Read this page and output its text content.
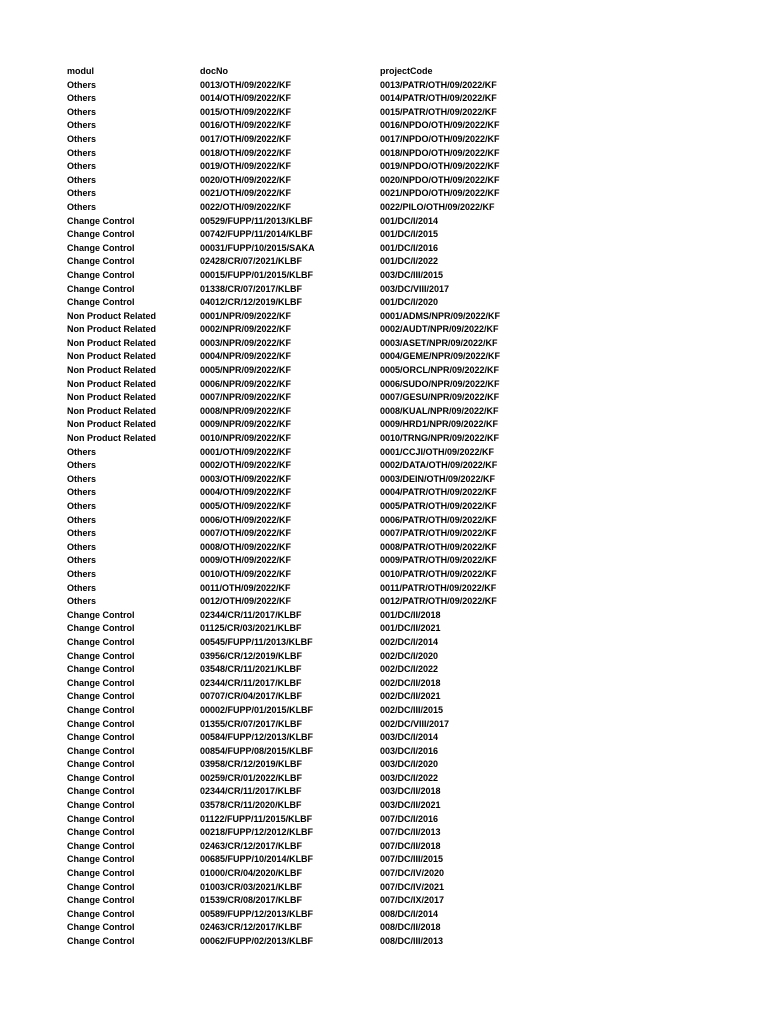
modul	docNo	projectCode
Others	0013/OTH/09/2022/KF	0013/PATR/OTH/09/2022/KF
Others	0014/OTH/09/2022/KF	0014/PATR/OTH/09/2022/KF
Others	0015/OTH/09/2022/KF	0015/PATR/OTH/09/2022/KF
Others	0016/OTH/09/2022/KF	0016/NPDO/OTH/09/2022/KF
Others	0017/OTH/09/2022/KF	0017/NPDO/OTH/09/2022/KF
Others	0018/OTH/09/2022/KF	0018/NPDO/OTH/09/2022/KF
Others	0019/OTH/09/2022/KF	0019/NPDO/OTH/09/2022/KF
Others	0020/OTH/09/2022/KF	0020/NPDO/OTH/09/2022/KF
Others	0021/OTH/09/2022/KF	0021/NPDO/OTH/09/2022/KF
Others	0022/OTH/09/2022/KF	0022/PILO/OTH/09/2022/KF
Change Control	00529/FUPP/11/2013/KLBF	001/DC/I/2014
Change Control	00742/FUPP/11/2014/KLBF	001/DC/I/2015
Change Control	00031/FUPP/10/2015/SAKA	001/DC/I/2016
Change Control	02428/CR/07/2021/KLBF	001/DC/I/2022
Change Control	00015/FUPP/01/2015/KLBF	003/DC/III/2015
Change Control	01338/CR/07/2017/KLBF	003/DC/VIII/2017
Change Control	04012/CR/12/2019/KLBF	001/DC/I/2020
Non Product Related	0001/NPR/09/2022/KF	0001/ADMS/NPR/09/2022/KF
Non Product Related	0002/NPR/09/2022/KF	0002/AUDT/NPR/09/2022/KF
Non Product Related	0003/NPR/09/2022/KF	0003/ASET/NPR/09/2022/KF
Non Product Related	0004/NPR/09/2022/KF	0004/GEME/NPR/09/2022/KF
Non Product Related	0005/NPR/09/2022/KF	0005/ORCL/NPR/09/2022/KF
Non Product Related	0006/NPR/09/2022/KF	0006/SUDO/NPR/09/2022/KF
Non Product Related	0007/NPR/09/2022/KF	0007/GESU/NPR/09/2022/KF
Non Product Related	0008/NPR/09/2022/KF	0008/KUAL/NPR/09/2022/KF
Non Product Related	0009/NPR/09/2022/KF	0009/HRD1/NPR/09/2022/KF
Non Product Related	0010/NPR/09/2022/KF	0010/TRNG/NPR/09/2022/KF
Others	0001/OTH/09/2022/KF	0001/CCJI/OTH/09/2022/KF
Others	0002/OTH/09/2022/KF	0002/DATA/OTH/09/2022/KF
Others	0003/OTH/09/2022/KF	0003/DEIN/OTH/09/2022/KF
Others	0004/OTH/09/2022/KF	0004/PATR/OTH/09/2022/KF
Others	0005/OTH/09/2022/KF	0005/PATR/OTH/09/2022/KF
Others	0006/OTH/09/2022/KF	0006/PATR/OTH/09/2022/KF
Others	0007/OTH/09/2022/KF	0007/PATR/OTH/09/2022/KF
Others	0008/OTH/09/2022/KF	0008/PATR/OTH/09/2022/KF
Others	0009/OTH/09/2022/KF	0009/PATR/OTH/09/2022/KF
Others	0010/OTH/09/2022/KF	0010/PATR/OTH/09/2022/KF
Others	0011/OTH/09/2022/KF	0011/PATR/OTH/09/2022/KF
Others	0012/OTH/09/2022/KF	0012/PATR/OTH/09/2022/KF
Change Control	02344/CR/11/2017/KLBF	001/DC/II/2018
Change Control	01125/CR/03/2021/KLBF	001/DC/II/2021
Change Control	00545/FUPP/11/2013/KLBF	002/DC/I/2014
Change Control	03956/CR/12/2019/KLBF	002/DC/I/2020
Change Control	03548/CR/11/2021/KLBF	002/DC/I/2022
Change Control	02344/CR/11/2017/KLBF	002/DC/II/2018
Change Control	00707/CR/04/2017/KLBF	002/DC/II/2021
Change Control	00002/FUPP/01/2015/KLBF	002/DC/III/2015
Change Control	01355/CR/07/2017/KLBF	002/DC/VIII/2017
Change Control	00584/FUPP/12/2013/KLBF	003/DC/I/2014
Change Control	00854/FUPP/08/2015/KLBF	003/DC/I/2016
Change Control	03958/CR/12/2019/KLBF	003/DC/I/2020
Change Control	00259/CR/01/2022/KLBF	003/DC/I/2022
Change Control	02344/CR/11/2017/KLBF	003/DC/II/2018
Change Control	03578/CR/11/2020/KLBF	003/DC/II/2021
Change Control	01122/FUPP/11/2015/KLBF	007/DC/I/2016
Change Control	00218/FUPP/12/2012/KLBF	007/DC/II/2013
Change Control	02463/CR/12/2017/KLBF	007/DC/II/2018
Change Control	00685/FUPP/10/2014/KLBF	007/DC/III/2015
Change Control	01000/CR/04/2020/KLBF	007/DC/IV/2020
Change Control	01003/CR/03/2021/KLBF	007/DC/IV/2021
Change Control	01539/CR/08/2017/KLBF	007/DC/IX/2017
Change Control	00589/FUPP/12/2013/KLBF	008/DC/I/2014
Change Control	02463/CR/12/2017/KLBF	008/DC/II/2018
Change Control	00062/FUPP/02/2013/KLBF	008/DC/III/2013
